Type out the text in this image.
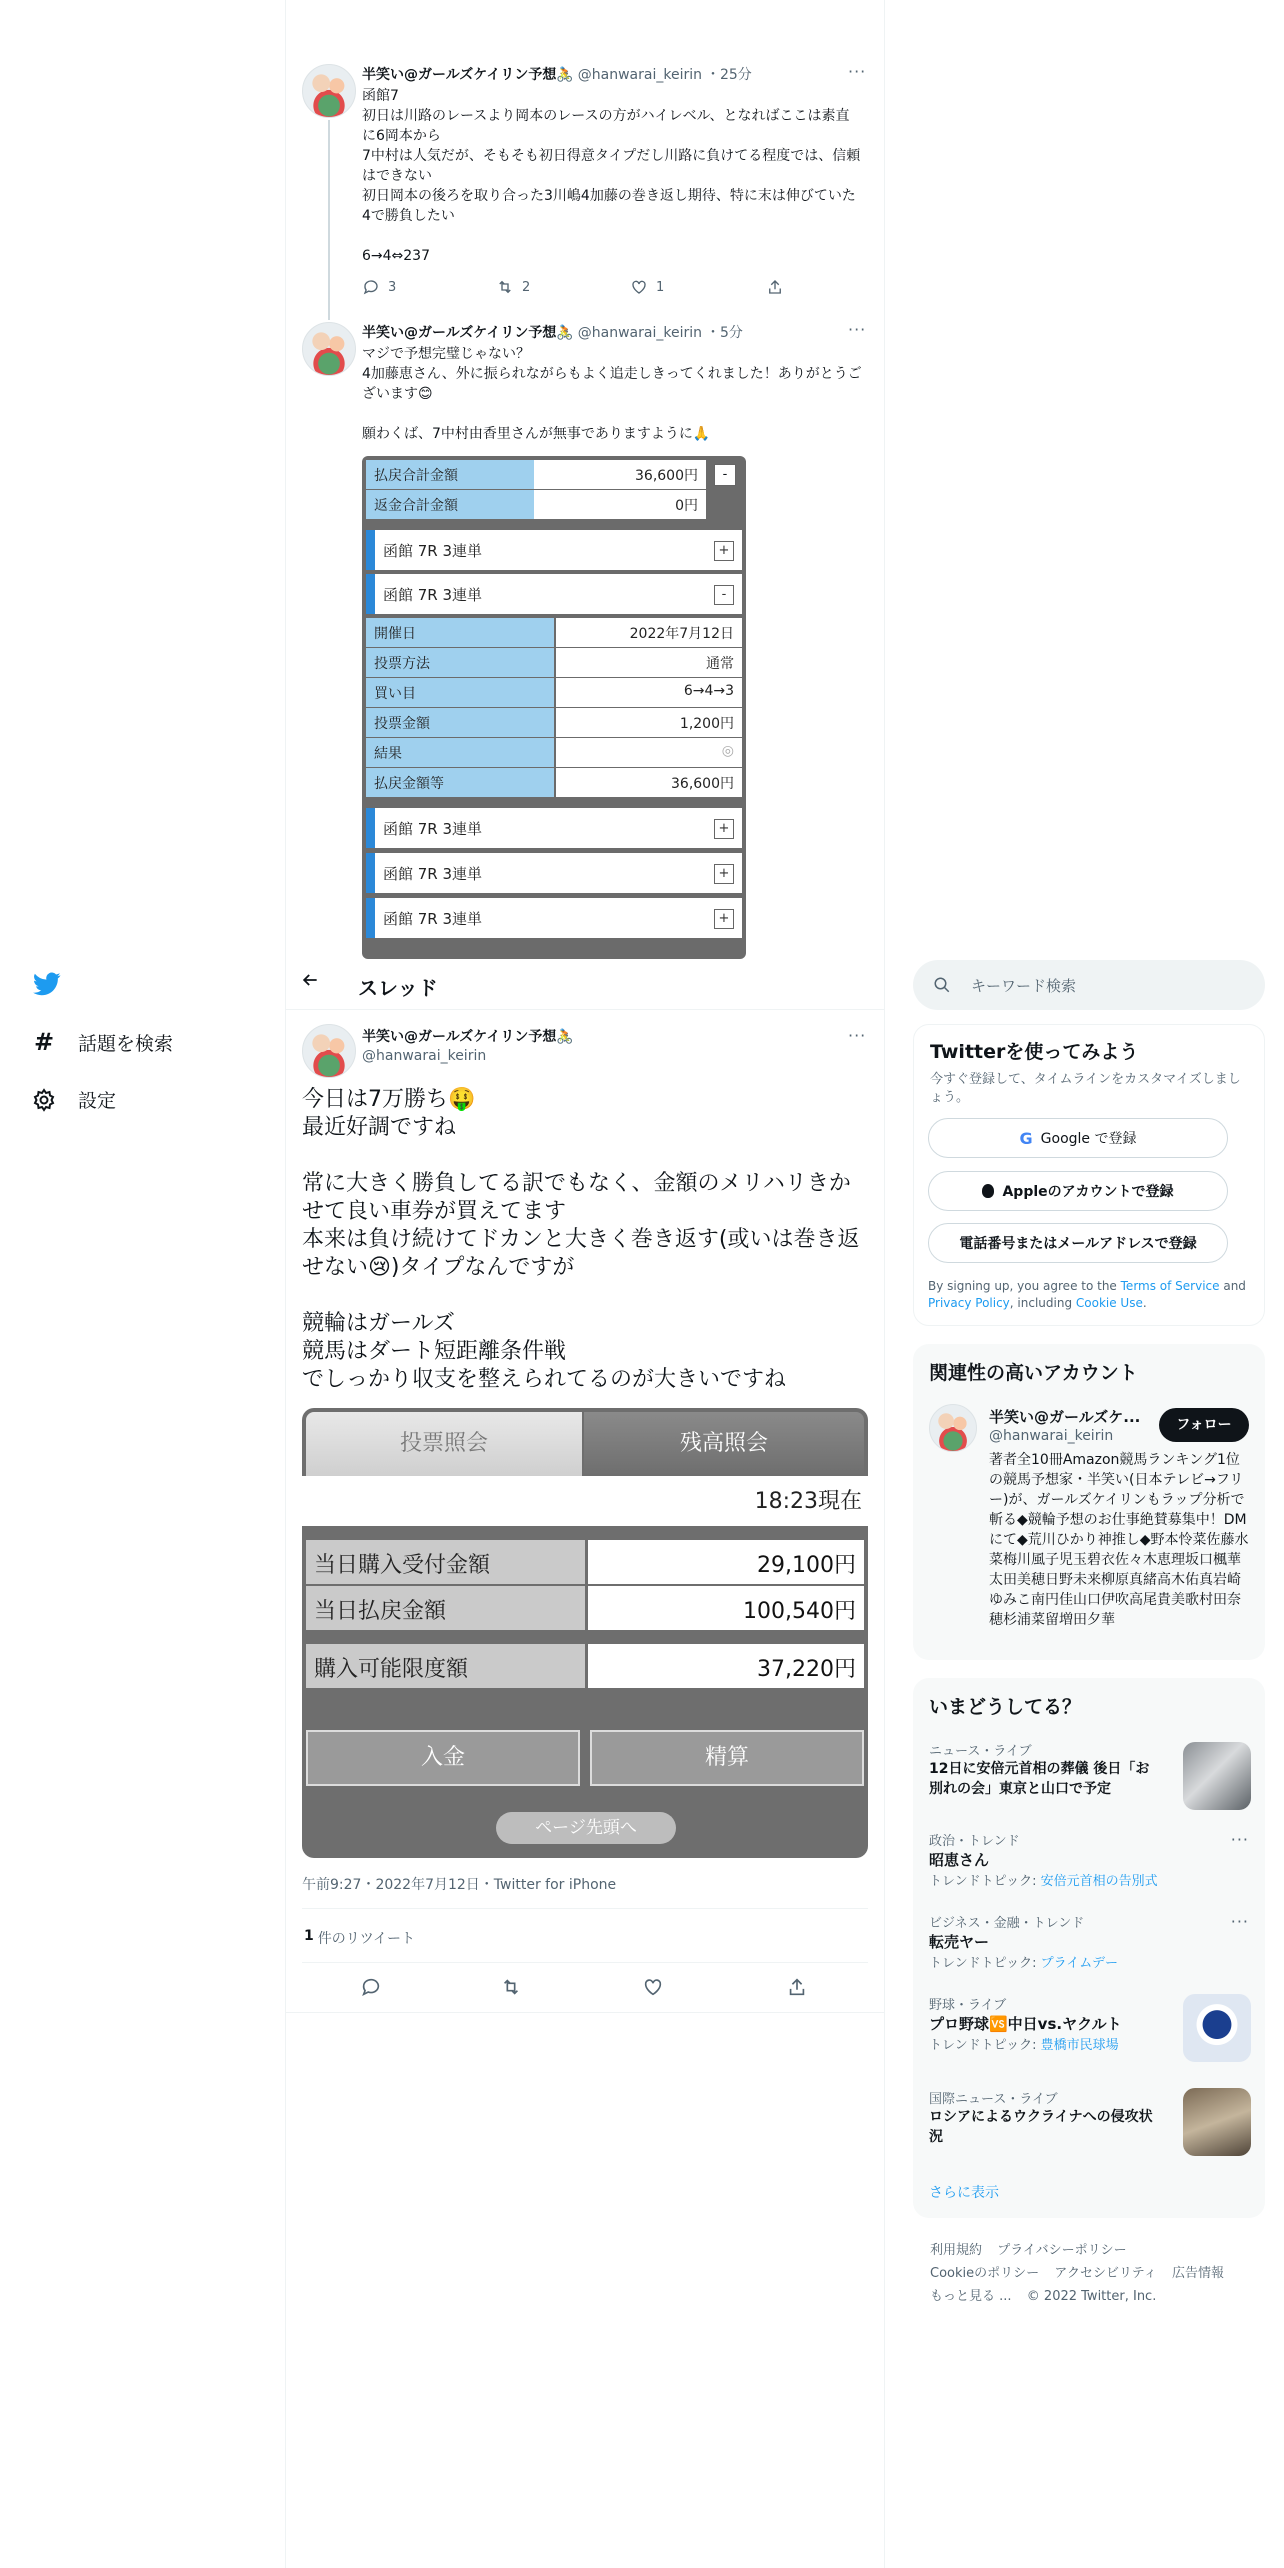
# 話題を検索
設定
半笑い@ガールズケイリン予想🚴 @hanwarai_keirin ・25分	···
函館7
初日は川路のレースより岡本のレースの方がハイレベル、となればここは素直に6岡本から
7中村は人気だが、そもそも初日得意タイプだし川路に負けてる程度では、信頼はできない
初日岡本の後ろを取り合った3川嶋4加藤の巻き返し期待、特に末は伸びていた4で勝負したい

6→4⇔237
3	2	1
半笑い@ガールズケイリン予想🚴 @hanwarai_keirin ・5分	···
マジで予想完璧じゃない？
4加藤恵さん、外に振られながらもよく追走しきってくれました！ありがとうございます😊

願わくば、7中村由香里さんが無事でありますように🙏
払戻合計金額	36,600円	-
返金合計金額	0円
函館 7R 3連単	+
函館 7R 3連単	-
開催日	2022年7月12日
投票方法	通常
買い目	6→4→3
投票金額	1,200円
結果	◎
払戻金額等	36,600円
函館 7R 3連単	+
函館 7R 3連単	+
函館 7R 3連単	+
スレッド
半笑い@ガールズケイリン予想🚴
@hanwarai_keirin
···
今日は7万勝ち🤑
最近好調ですね

常に大きく勝負してる訳でもなく、金額のメリハリきかせて良い車券が買えてます
本来は負け続けてドカンと大きく巻き返す(或いは巻き返せない😢)タイプなんですが

競輪はガールズ
競馬はダート短距離条件戦
でしっかり収支を整えられてるのが大きいですね
投票照会	残高照会
18:23現在
当日購入受付金額	29,100円
当日払戻金額	100,540円
購入可能限度額	37,220円
入金	精算
ページ先頭へ
午前9:27・2022年7月12日・Twitter for iPhone
1 件のリツイート
キーワード検索
Twitterを使ってみよう
今すぐ登録して、タイムラインをカスタマイズしましょう。
G Google で登録
Appleのアカウントで登録
電話番号またはメールアドレスで登録
By signing up, you agree to the Terms of Service and Privacy Policy, including Cookie Use.
関連性の高いアカウント
半笑い@ガールズケ...
@hanwarai_keirin
フォロー
著者全10冊Amazon競馬ランキング1位の競馬予想家・半笑い(日本テレビ→フリー)が、ガールズケイリンもラップ分析で斬る◆競輪予想のお仕事絶賛募集中！DMにて◆荒川ひかり神推し◆野本怜菜佐藤水菜梅川風子児玉碧衣佐々木恵理坂口楓華太田美穂日野未来柳原真緒高木佑真岩崎ゆみこ南円佳山口伊吹高尾貴美歌村田奈穂杉浦菜留増田夕華
いまどうしてる？
ニュース・ライブ
12日に安倍元首相の葬儀 後日「お別れの会」東京と山口で予定
政治・トレンド
昭恵さん
トレンドトピック: 安倍元首相の告別式
···
ビジネス・金融・トレンド
転売ヤー
トレンドトピック: プライムデー
···
野球・ライブ
プロ野球🆚中日vs.ヤクルト
トレンドトピック: 豊橋市民球場
国際ニュース・ライブ
ロシアによるウクライナへの侵攻状況
さらに表示
利用規約 プライバシーポリシー
Cookieのポリシー アクセシビリティ 広告情報
もっと見る ... © 2022 Twitter, Inc.
